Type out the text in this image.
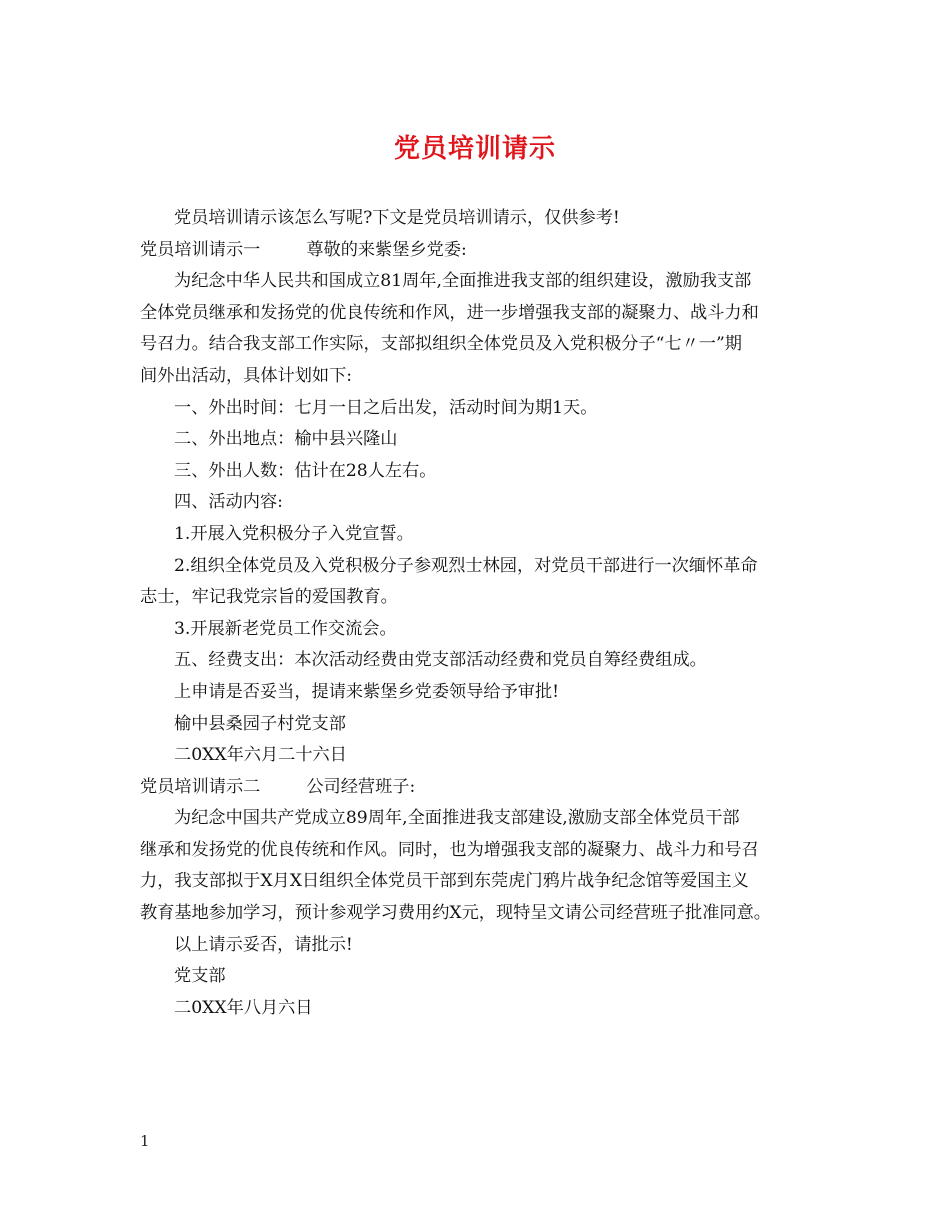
党员培训请示

党员培训请示该怎么写呢?下文是党员培训请示，仅供参考!

党员培训请示一	尊敬的来紫堡乡党委:

为纪念中华人民共和国成立81周年,全面推进我支部的组织建设，激励我支部

全体党员继承和发扬党的优良传统和作风，进一步增强我支部的凝聚力、战斗力和

号召力。结合我支部工作实际，支部拟组织全体党员及入党积极分子“七〃一”期

间外出活动，具体计划如下:

一、外出时间：七月一日之后出发，活动时间为期1天。

二、外出地点：榆中县兴隆山

三、外出人数：估计在28人左右。

四、活动内容:

1.开展入党积极分子入党宣誓。

2.组织全体党员及入党积极分子参观烈士林园，对党员干部进行一次缅怀革命

志士，牢记我党宗旨的爱国教育。

3.开展新老党员工作交流会。

五、经费支出：本次活动经费由党支部活动经费和党员自筹经费组成。

上申请是否妥当，提请来紫堡乡党委领导给予审批!

榆中县桑园子村党支部

二0XX年六月二十六日

党员培训请示二	公司经营班子:

为纪念中国共产党成立89周年,全面推进我支部建设,激励支部全体党员干部

继承和发扬党的优良传统和作风。同时，也为增强我支部的凝聚力、战斗力和号召

力，我支部拟于X月X日组织全体党员干部到东莞虎门鸦片战争纪念馆等爱国主义

教育基地参加学习，预计参观学习费用约X元，现特呈文请公司经营班子批准同意。

以上请示妥否，请批示!

党支部

二0XX年八月六日

1
